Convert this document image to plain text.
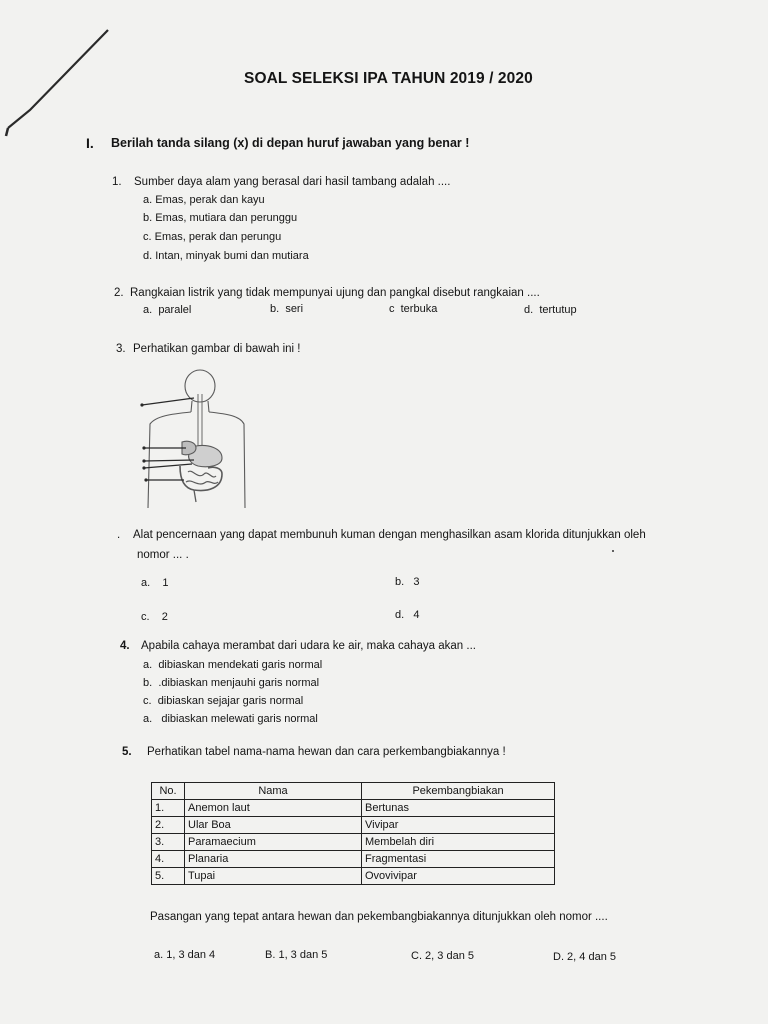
SOAL SELEKSI IPA TAHUN 2019 / 2020
I. Berilah tanda silang (x) di depan huruf jawaban yang benar !
1. Sumber daya alam yang berasal dari hasil tambang adalah ....
a. Emas, perak dan kayu
b. Emas, mutiara dan perunggu
c. Emas, perak dan perungu
d. Intan, minyak bumi dan mutiara
2. Rangkaian listrik yang tidak mempunyai ujung dan pangkal disebut rangkaian ....
a. paralel	b. seri	c terbuka	d. tertutup
3. Perhatikan gambar di bawah ini !
. Alat pencernaan yang dapat membunuh kuman dengan menghasilkan asam klorida ditunjukkan oleh
nomor ... .
a. 1	b. 3
c. 2	d. 4
4. Apabila cahaya merambat dari udara ke air, maka cahaya akan ...
a. dibiaskan mendekati garis normal
b. .dibiaskan menjauhi garis normal
c. dibiaskan sejajar garis normal
a. dibiaskan melewati garis normal
5. Perhatikan tabel nama-nama hewan dan cara perkembangbiakannya !
No.	Nama	Pekembangbiakan
1.	Anemon laut	Bertunas
2.	Ular Boa	Vivipar
3.	Paramaecium	Membelah diri
4.	Planaria	Fragmentasi
5.	Tupai	Ovovivipar
Pasangan yang tepat antara hewan dan pekembangbiakannya ditunjukkan oleh nomor ....
a. 1, 3 dan 4	B. 1, 3 dan 5	C. 2, 3 dan 5	D. 2, 4 dan 5
